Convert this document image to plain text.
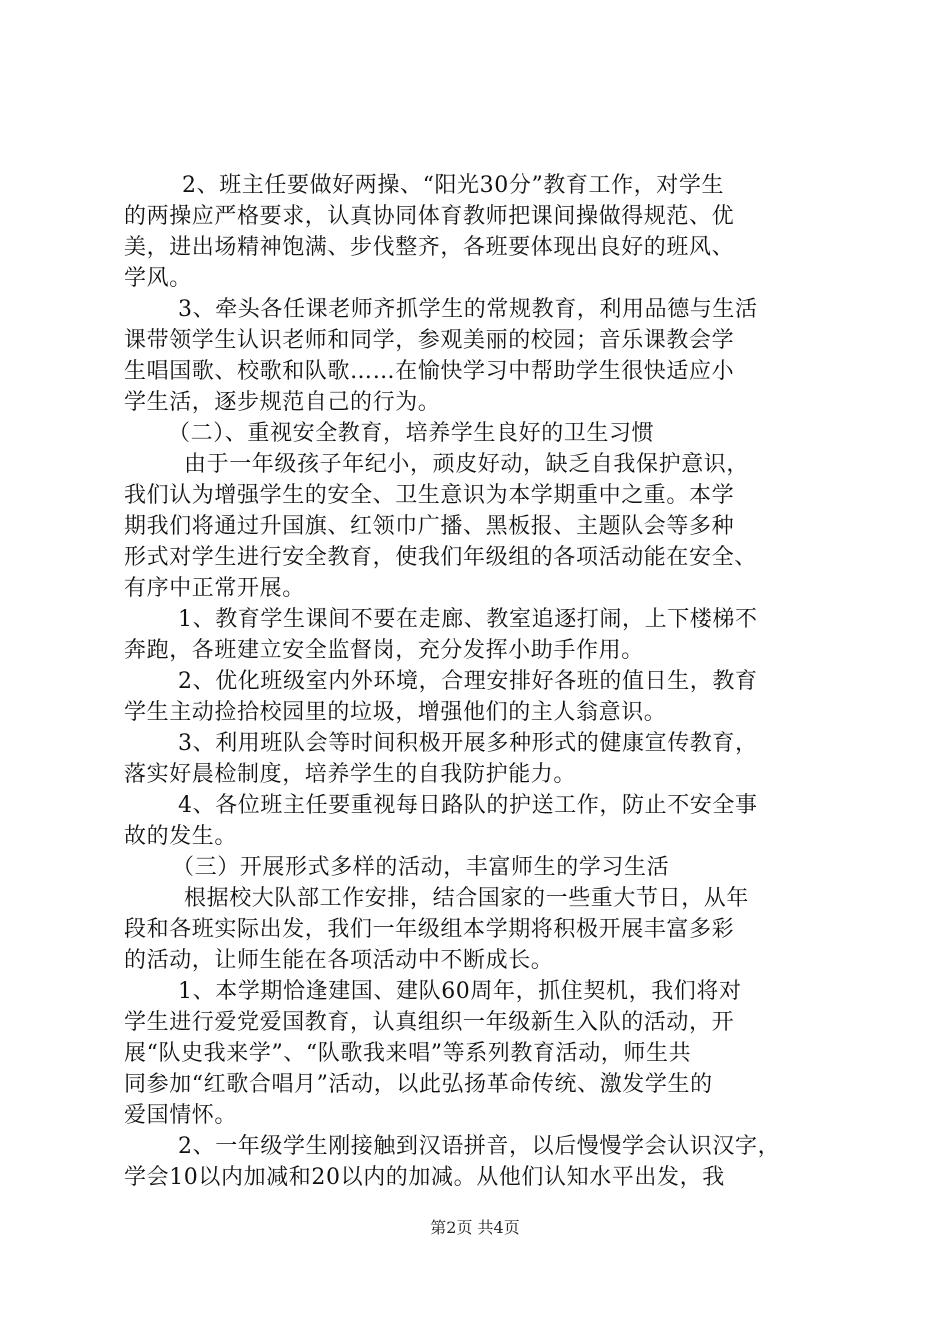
2、班主任要做好两操、“阳光30分”教育工作，对学生
的两操应严格要求，认真协同体育教师把课间操做得规范、优
美，进出场精神饱满、步伐整齐，各班要体现出良好的班风、
学风。
3、牵头各任课老师齐抓学生的常规教育，利用品德与生活
课带领学生认识老师和同学，参观美丽的校园；音乐课教会学
生唱国歌、校歌和队歌……在愉快学习中帮助学生很快适应小
学生活，逐步规范自己的行为。
（二）、重视安全教育，培养学生良好的卫生习惯
由于一年级孩子年纪小，顽皮好动，缺乏自我保护意识，
我们认为增强学生的安全、卫生意识为本学期重中之重。本学
期我们将通过升国旗、红领巾广播、黑板报、主题队会等多种
形式对学生进行安全教育，使我们年级组的各项活动能在安全、
有序中正常开展。
1、教育学生课间不要在走廊、教室追逐打闹，上下楼梯不
奔跑，各班建立安全监督岗，充分发挥小助手作用。
2、优化班级室内外环境，合理安排好各班的值日生，教育
学生主动捡拾校园里的垃圾，增强他们的主人翁意识。
3、利用班队会等时间积极开展多种形式的健康宣传教育，
落实好晨检制度，培养学生的自我防护能力。
4、各位班主任要重视每日路队的护送工作，防止不安全事
故的发生。
（三）开展形式多样的活动，丰富师生的学习生活
根据校大队部工作安排，结合国家的一些重大节日，从年
段和各班实际出发，我们一年级组本学期将积极开展丰富多彩
的活动，让师生能在各项活动中不断成长。
1、本学期恰逢建国、建队60周年，抓住契机，我们将对
学生进行爱党爱国教育，认真组织一年级新生入队的活动，开
展“队史我来学”、“队歌我来唱”等系列教育活动，师生共
同参加“红歌合唱月”活动，以此弘扬革命传统、激发学生的
爱国情怀。
2、一年级学生刚接触到汉语拼音，以后慢慢学会认识汉字，
学会10以内加减和20以内的加减。从他们认知水平出发，我
第2页 共4页
